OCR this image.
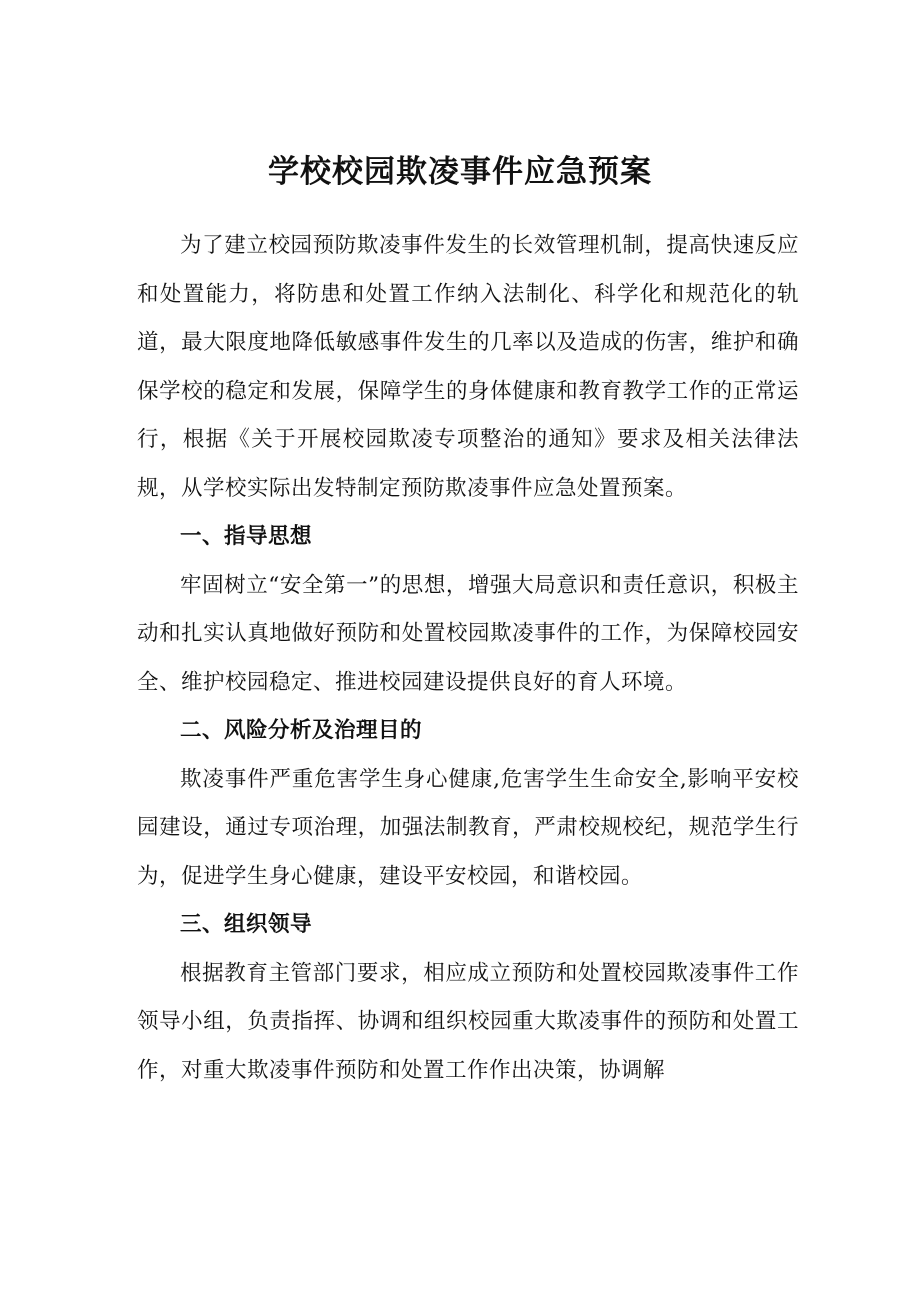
学校校园欺凌事件应急预案

为了建立校园预防欺凌事件发生的长效管理机制，提高快速反应和处置能力，将防患和处置工作纳入法制化、科学化和规范化的轨道，最大限度地降低敏感事件发生的几率以及造成的伤害，维护和确保学校的稳定和发展，保障学生的身体健康和教育教学工作的正常运行，根据《关于开展校园欺凌专项整治的通知》要求及相关法律法规，从学校实际出发特制定预防欺凌事件应急处置预案。

一、指导思想

牢固树立“安全第一”的思想，增强大局意识和责任意识，积极主动和扎实认真地做好预防和处置校园欺凌事件的工作，为保障校园安全、维护校园稳定、推进校园建设提供良好的育人环境。

二、风险分析及治理目的

欺凌事件严重危害学生身心健康,危害学生生命安全,影响平安校园建设，通过专项治理，加强法制教育，严肃校规校纪，规范学生行为，促进学生身心健康，建设平安校园，和谐校园。

三、组织领导

根据教育主管部门要求，相应成立预防和处置校园欺凌事件工作领导小组，负责指挥、协调和组织校园重大欺凌事件的预防和处置工作，对重大欺凌事件预防和处置工作作出决策，协调解
